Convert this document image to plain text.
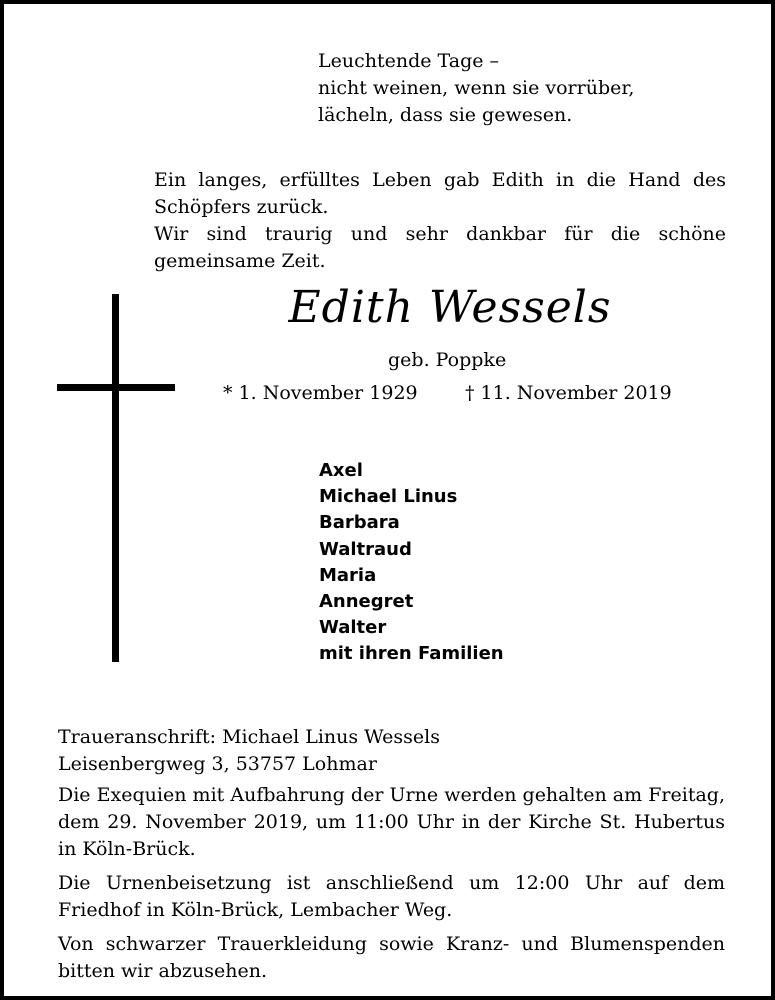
Leuchtende Tage –
nicht weinen, wenn sie vorrüber,
lächeln, dass sie gewesen.

Ein langes, erfülltes Leben gab Edith in die Hand des Schöpfers zurück.

Wir sind traurig und sehr dankbar für die schöne gemeinsame Zeit.

Edith Wessels
geb. Poppke
* 1. November 1929 † 11. November 2019
Axel
Michael Linus
Barbara
Waltraud
Maria
Annegret
Walter
mit ihren Familien
Traueranschrift: Michael Linus Wessels
Leisenbergweg 3, 53757 Lohmar

Die Exequien mit Aufbahrung der Urne werden gehalten am Freitag, dem 29. November 2019, um 11:00 Uhr in der Kirche St. Hubertus in Köln-Brück.

Die Urnenbeisetzung ist anschließend um 12:00 Uhr auf dem Friedhof in Köln-Brück, Lembacher Weg.

Von schwarzer Trauerkleidung sowie Kranz- und Blumenspenden bitten wir abzusehen.
